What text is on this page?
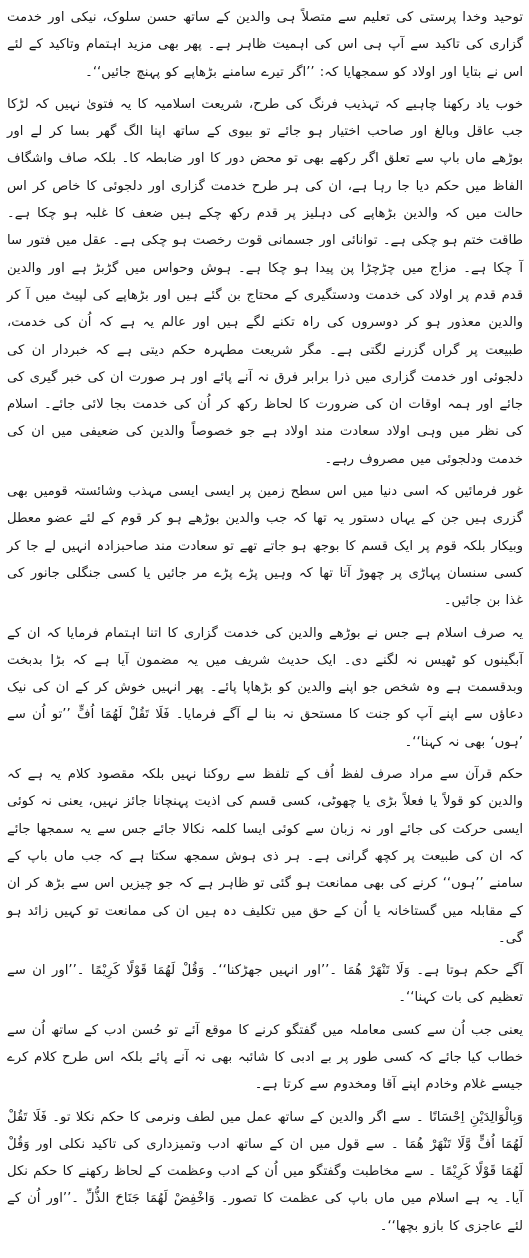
توحید وخدا پرستی کی تعلیم سے متصلاً ہی والدین کے ساتھ حسن سلوک، نیکی اور خدمت گزاری کی تاکید سے آپ ہی اس کی اہمیت ظاہر ہے۔ پھر بھی مزید اہتمام وتاکید کے لئے اس نے بتایا اور اولاد کو سمجھایا کہ: ’’اگر تیرے سامنے بڑھاپے کو پہنچ جائیں‘‘۔

خوب یاد رکھنا چاہیے کہ تہذیب فرنگ کی طرح، شریعت اسلامیہ کا یہ فتویٰ نہیں کہ لڑکا جب عاقل وبالغ اور صاحب اختیار ہو جائے تو بیوی کے ساتھ اپنا الگ گھر بسا کر لے اور بوڑھے ماں باپ سے تعلق اگر رکھے بھی تو محض دور کا اور ضابطہ کا۔ بلکہ صاف واشگاف الفاظ میں حکم دیا جا رہا ہے، ان کی ہر طرح خدمت گزاری اور دلجوئی کا خاص کر اس حالت میں کہ والدین بڑھاپے کی دہلیز پر قدم رکھ چکے ہیں ضعف کا غلبہ ہو چکا ہے۔ طاقت ختم ہو چکی ہے۔ توانائی اور جسمانی قوت رخصت ہو چکی ہے۔ عقل میں فتور سا آ چکا ہے۔ مزاج میں چڑچڑا پن پیدا ہو چکا ہے۔ ہوش وحواس میں گڑبڑ ہے اور والدین قدم قدم پر اولاد کی خدمت ودستگیری کے محتاج بن گئے ہیں اور بڑھاپے کی لپیٹ میں آ کر والدین معذور ہو کر دوسروں کی راہ تکنے لگے ہیں اور عالم یہ ہے کہ اُن کی خدمت، طبیعت پر گراں گزرنے لگتی ہے۔ مگر شریعت مطہرہ حکم دیتی ہے کہ خبردار ان کی دلجوئی اور خدمت گزاری میں ذرا برابر فرق نہ آنے پائے اور ہر صورت ان کی خبر گیری کی جائے اور ہمہ اوقات ان کی ضرورت کا لحاظ رکھ کر اُن کی خدمت بجا لائی جائے۔ اسلام کی نظر میں وہی اولاد سعادت مند اولاد ہے جو خصوصاً والدین کی ضعیفی میں ان کی خدمت ودلجوئی میں مصروف رہے۔

غور فرمائیں کہ اسی دنیا میں اس سطح زمین پر ایسی ایسی مہذب وشائستہ قومیں بھی گزری ہیں جن کے یہاں دستور یہ تھا کہ جب والدین بوڑھے ہو کر قوم کے لئے عضو معطل وبیکار بلکہ قوم پر ایک قسم کا بوجھ ہو جاتے تھے تو سعادت مند صاحبزادہ انہیں لے جا کر کسی سنسان پہاڑی پر چھوڑ آتا تھا کہ وہیں پڑے پڑے مر جائیں یا کسی جنگلی جانور کی غذا بن جائیں۔

یہ صرف اسلام ہے جس نے بوڑھے والدین کی خدمت گزاری کا اتنا اہتمام فرمایا کہ ان کے آبگینوں کو ٹھیس نہ لگنے دی۔ ایک حدیث شریف میں یہ مضمون آیا ہے کہ بڑا بدبخت وبدقسمت ہے وہ شخص جو اپنے والدین کو بڑھاپا پائے۔ پھر انہیں خوش کر کے ان کی نیک دعاؤں سے اپنے آپ کو جنت کا مستحق نہ بنا لے آگے فرمایا۔ فَلَا تَقُلْ لَهُمَا اُفٍّ ’’تو اُن سے ’ہوں‘ بھی نہ کہنا‘‘۔

حکم قرآن سے مراد صرف لفظ اُف کے تلفظ سے روکنا نہیں بلکہ مقصود کلام یہ ہے کہ والدین کو قولاً یا فعلاً بڑی یا چھوٹی، کسی قسم کی اذیت پہنچانا جائز نہیں، یعنی نہ کوئی ایسی حرکت کی جائے اور نہ زبان سے کوئی ایسا کلمہ نکالا جائے جس سے یہ سمجھا جائے کہ ان کی طبیعت پر کچھ گرانی ہے۔ ہر ذی ہوش سمجھ سکتا ہے کہ جب ماں باپ کے سامنے ’’ہوں‘‘ کرنے کی بھی ممانعت ہو گئی تو ظاہر ہے کہ جو چیزیں اس سے بڑھ کر ان کے مقابلہ میں گستاخانہ یا اُن کے حق میں تکلیف دہ ہیں ان کی ممانعت تو کہیں زائد ہو گی۔

آگے حکم ہوتا ہے۔ وَلَا تَنْهَرْ هُمَا ۔’’اور انہیں جھڑکنا‘‘۔ وَقُلْ لَهُمَا قَوْلًا كَرِيْمًا ۔’’اور ان سے تعظیم کی بات کہنا‘‘۔

یعنی جب اُن سے کسی معاملہ میں گفتگو کرنے کا موقع آئے تو حُسن ادب کے ساتھ اُن سے خطاب کیا جائے کہ کسی طور پر بے ادبی کا شائبہ بھی نہ آنے پائے بلکہ اس طرح کلام کرے جیسے غلام وخادم اپنے آقا ومخدوم سے کرتا ہے۔

وَبِالْوَالِدَيْنِ اِحْسَانًا ۔ سے اگر والدین کے ساتھ عمل میں لطف ونرمی کا حکم نکلا تو۔ فَلَا تَقُلْ لَهُمَا اُفٍّ وَّلَا تَنْهَرْ هُمَا ۔ سے قول میں ان کے ساتھ ادب وتمیزداری کی تاکید نکلی اور وَقُلْ لَهُمَا قَوْلًا كَرِيْمًا ۔ سے مخاطبت وگفتگو میں اُن کے ادب وعظمت کے لحاظ رکھنے کا حکم نکل آیا۔ یہ ہے اسلام میں ماں باپ کی عظمت کا تصور۔ وَاخْفِضْ لَهُمَا جَنَاحَ الذُّلِّ ۔’’اور اُن کے لئے عاجزی کا بازو بچھا‘‘۔
